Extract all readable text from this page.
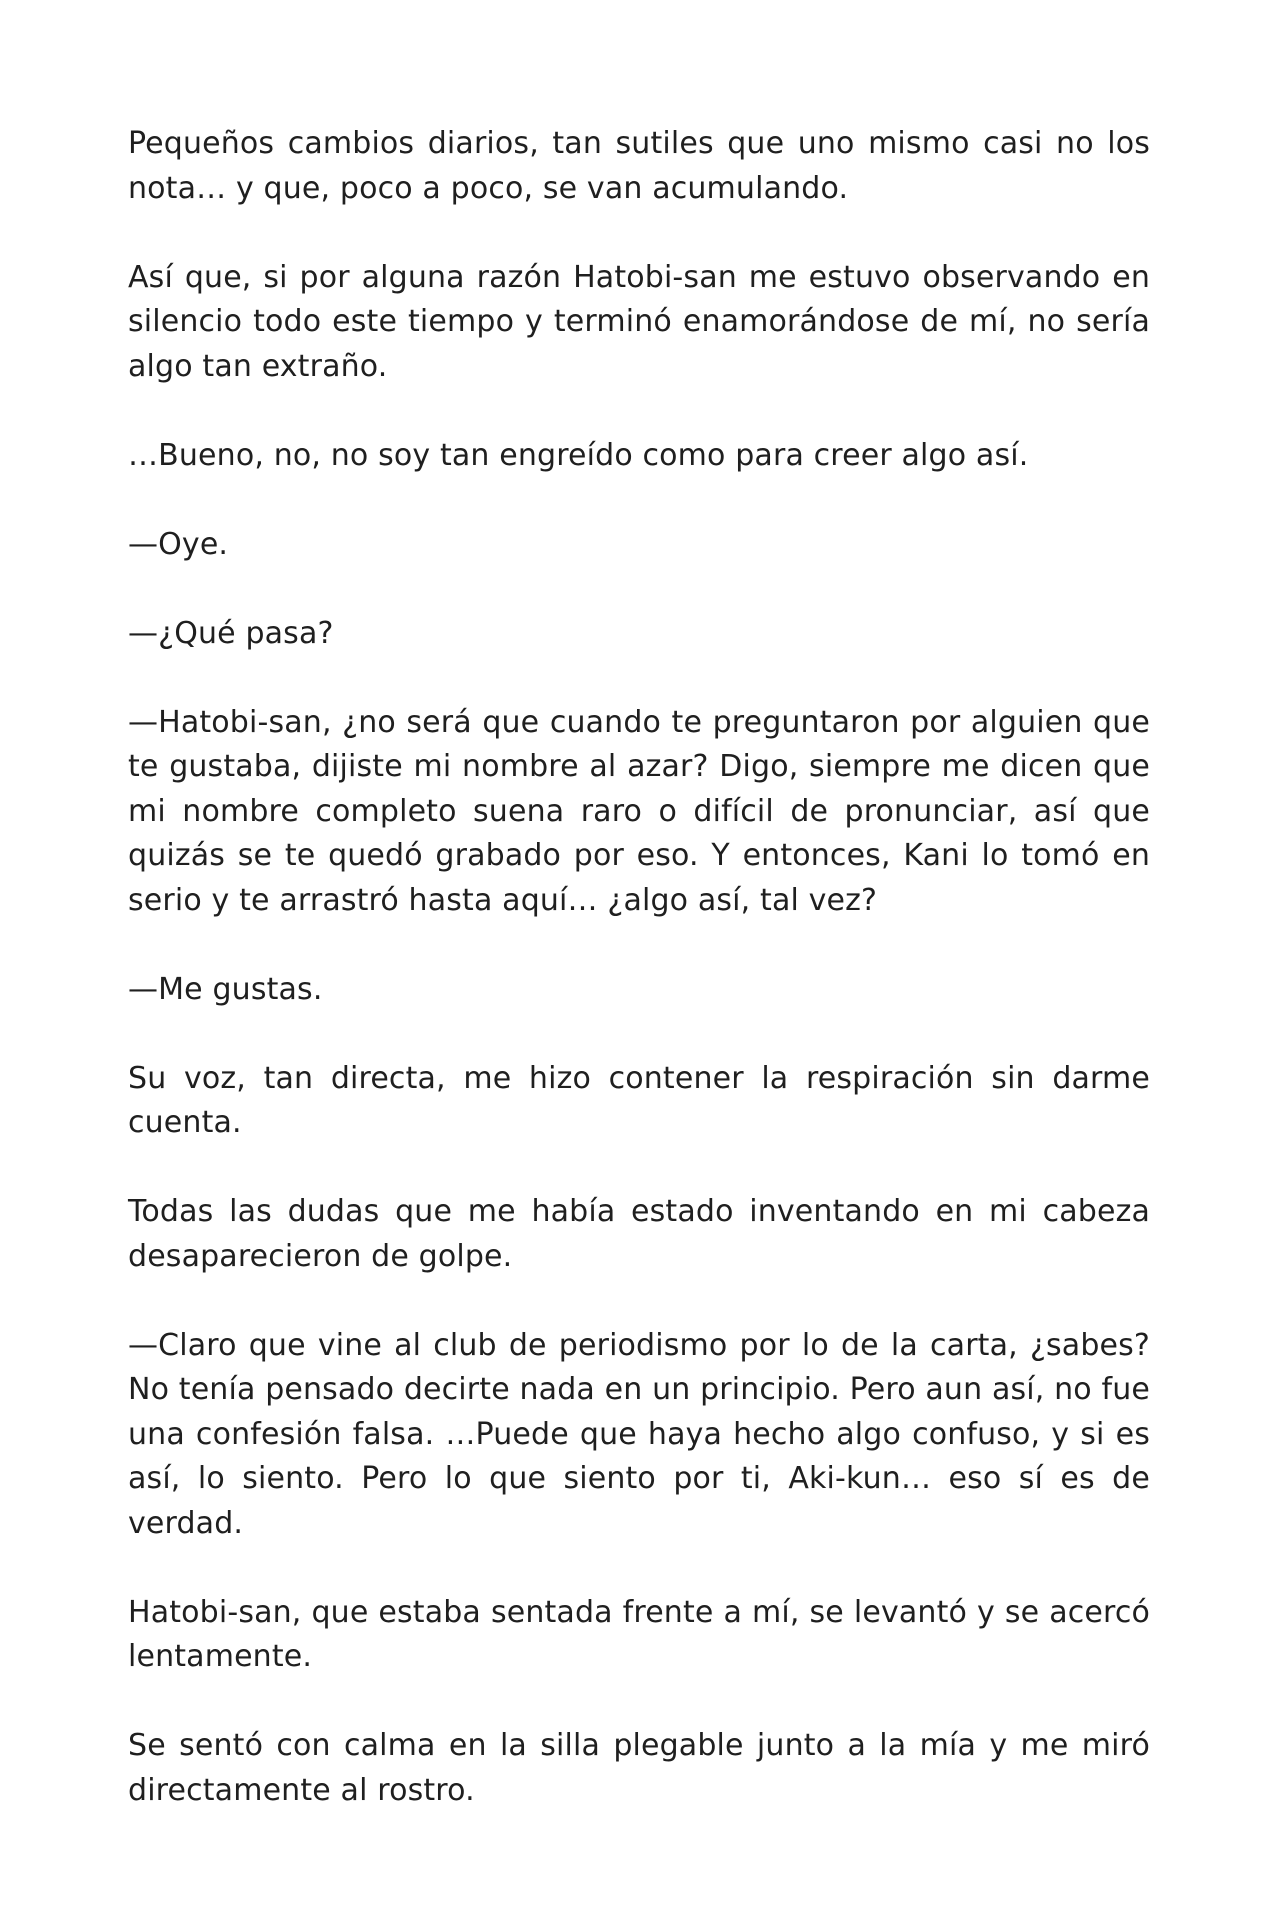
Pequeños cambios diarios, tan sutiles que uno mismo casi no los nota… y que, poco a poco, se van acumulando.

Así que, si por alguna razón Hatobi-san me estuvo observando en silencio todo este tiempo y terminó enamorándose de mí, no sería algo tan extraño.

…Bueno, no, no soy tan engreído como para creer algo así.

—Oye.

—¿Qué pasa?

—Hatobi-san, ¿no será que cuando te preguntaron por alguien que te gustaba, dijiste mi nombre al azar? Digo, siempre me dicen que mi nombre completo suena raro o difícil de pronunciar, así que quizás se te quedó grabado por eso. Y entonces, Kani lo tomó en serio y te arrastró hasta aquí… ¿algo así, tal vez?

—Me gustas.

Su voz, tan directa, me hizo contener la respiración sin darme cuenta.

Todas las dudas que me había estado inventando en mi cabeza desaparecieron de golpe.

—Claro que vine al club de periodismo por lo de la carta, ¿sabes? No tenía pensado decirte nada en un principio. Pero aun así, no fue una confesión falsa. …Puede que haya hecho algo confuso, y si es así, lo siento. Pero lo que siento por ti, Aki-kun… eso sí es de verdad.

Hatobi-san, que estaba sentada frente a mí, se levantó y se acercó lentamente.

Se sentó con calma en la silla plegable junto a la mía y me miró directamente al rostro.
